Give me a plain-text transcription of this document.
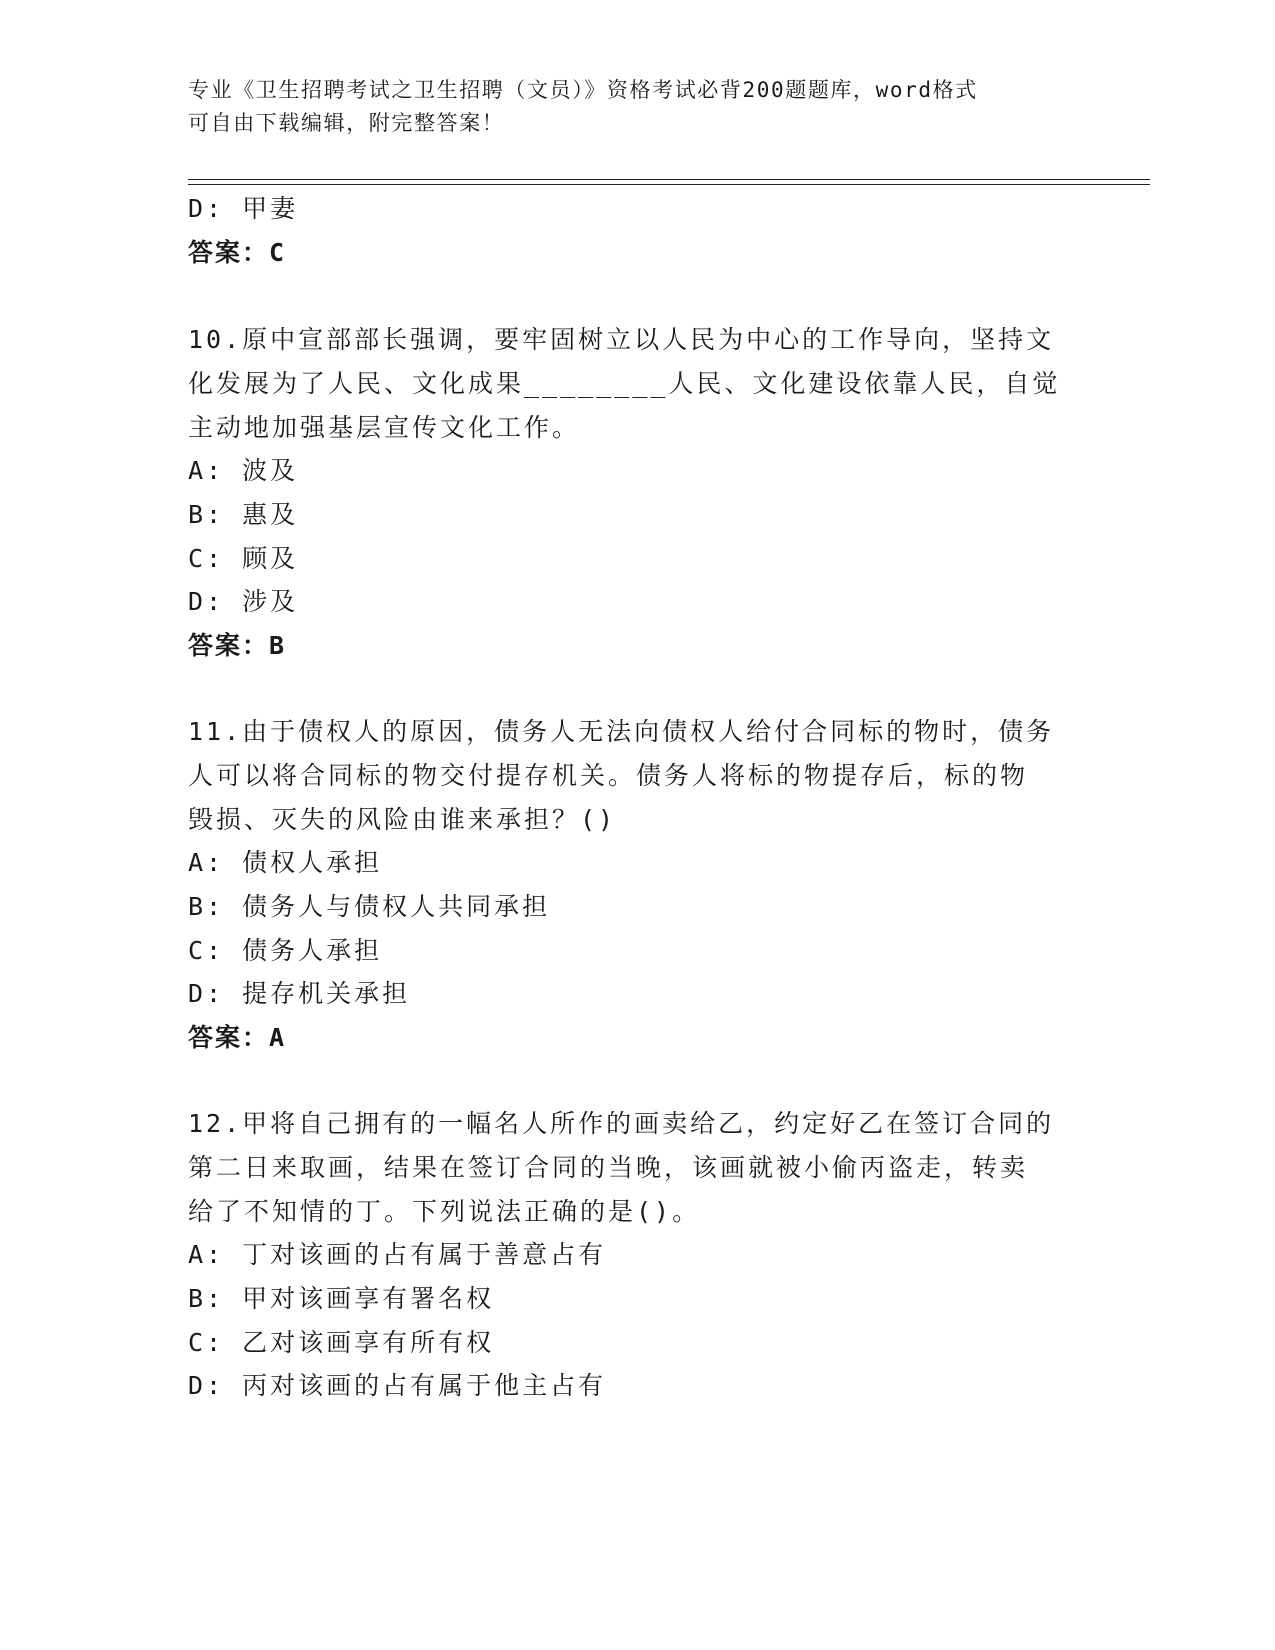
专业《卫生招聘考试之卫生招聘（文员）》资格考试必背200题题库，word格式
可自由下载编辑，附完整答案！
D: 甲妻
答案：C
10.原中宣部部长强调，要牢固树立以人民为中心的工作导向，坚持文
化发展为了人民、文化成果________人民、文化建设依靠人民，自觉
主动地加强基层宣传文化工作。
A: 波及
B: 惠及
C: 顾及
D: 涉及
答案：B
11.由于债权人的原因，债务人无法向债权人给付合同标的物时，债务
人可以将合同标的物交付提存机关。债务人将标的物提存后，标的物
毁损、灭失的风险由谁来承担？()
A: 债权人承担
B: 债务人与债权人共同承担
C: 债务人承担
D: 提存机关承担
答案：A
12.甲将自己拥有的一幅名人所作的画卖给乙，约定好乙在签订合同的
第二日来取画，结果在签订合同的当晚，该画就被小偷丙盗走，转卖
给了不知情的丁。下列说法正确的是()。
A: 丁对该画的占有属于善意占有
B: 甲对该画享有署名权
C: 乙对该画享有所有权
D: 丙对该画的占有属于他主占有
